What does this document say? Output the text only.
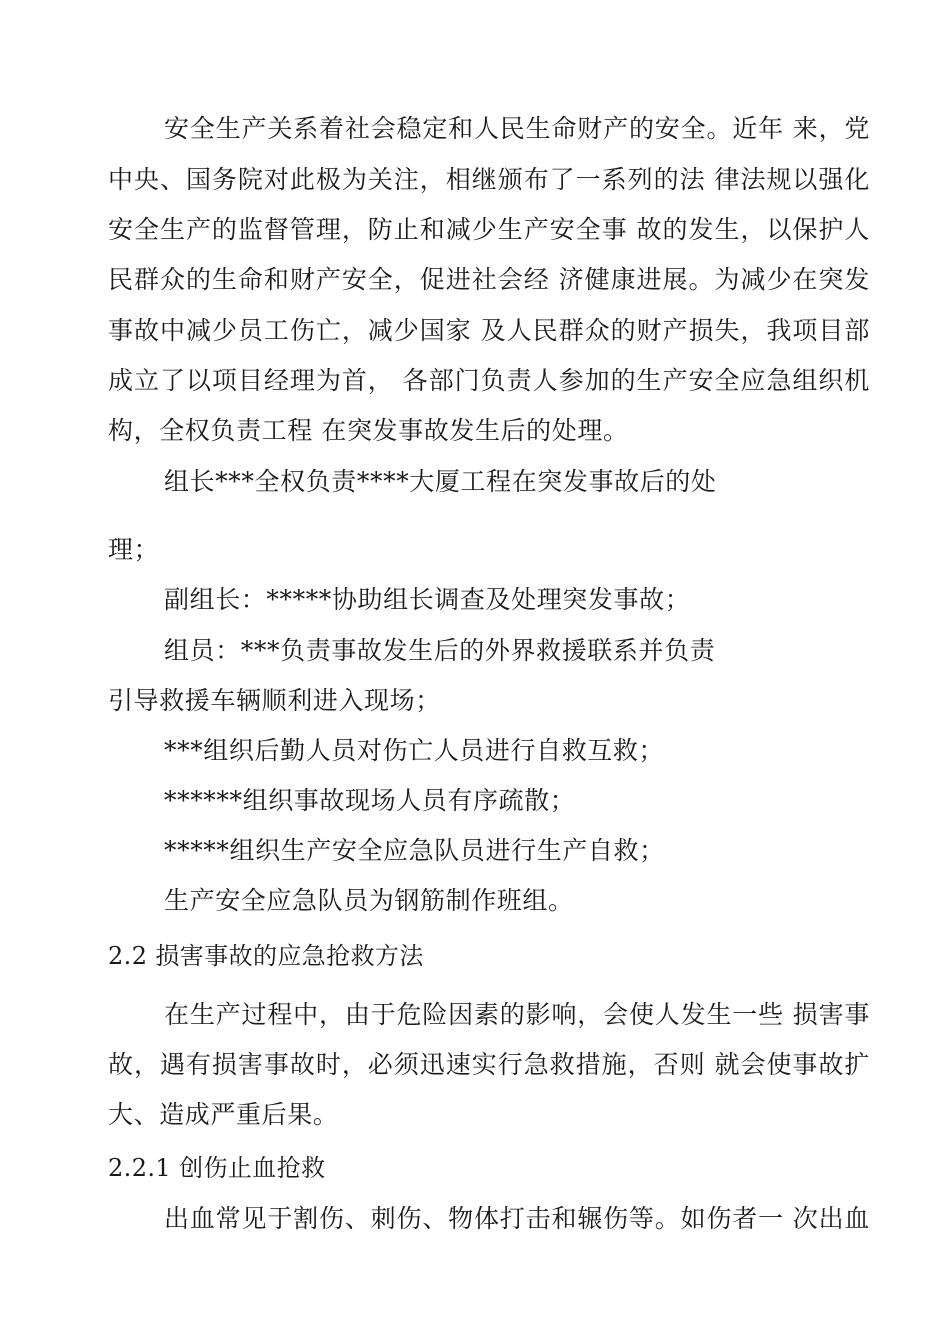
安全生产关系着社会稳定和人民生命财产的安全。近年 来，党
中央、国务院对此极为关注，相继颁布了一系列的法 律法规以强化
安全生产的监督管理，防止和减少生产安全事 故的发生，以保护人
民群众的生命和财产安全，促进社会经 济健康进展。为减少在突发
事故中减少员工伤亡，减少国家 及人民群众的财产损失，我项目部
成立了以项目经理为首， 各部门负责人参加的生产安全应急组织机
构，全权负责工程 在突发事故发生后的处理。
组长***全权负责****大厦工程在突发事故后的处
理；
副组长：*****协助组长调查及处理突发事故；
组员：***负责事故发生后的外界救援联系并负责
引导救援车辆顺利进入现场；
***组织后勤人员对伤亡人员进行自救互救；
******组织事故现场人员有序疏散；
*****组织生产安全应急队员进行生产自救；
生产安全应急队员为钢筋制作班组。
2.2 损害事故的应急抢救方法
在生产过程中，由于危险因素的影响，会使人发生一些 损害事
故，遇有损害事故时，必须迅速实行急救措施，否则 就会使事故扩
大、造成严重后果。
2.2.1 创伤止血抢救
出血常见于割伤、刺伤、物体打击和辗伤等。如伤者一 次出血
